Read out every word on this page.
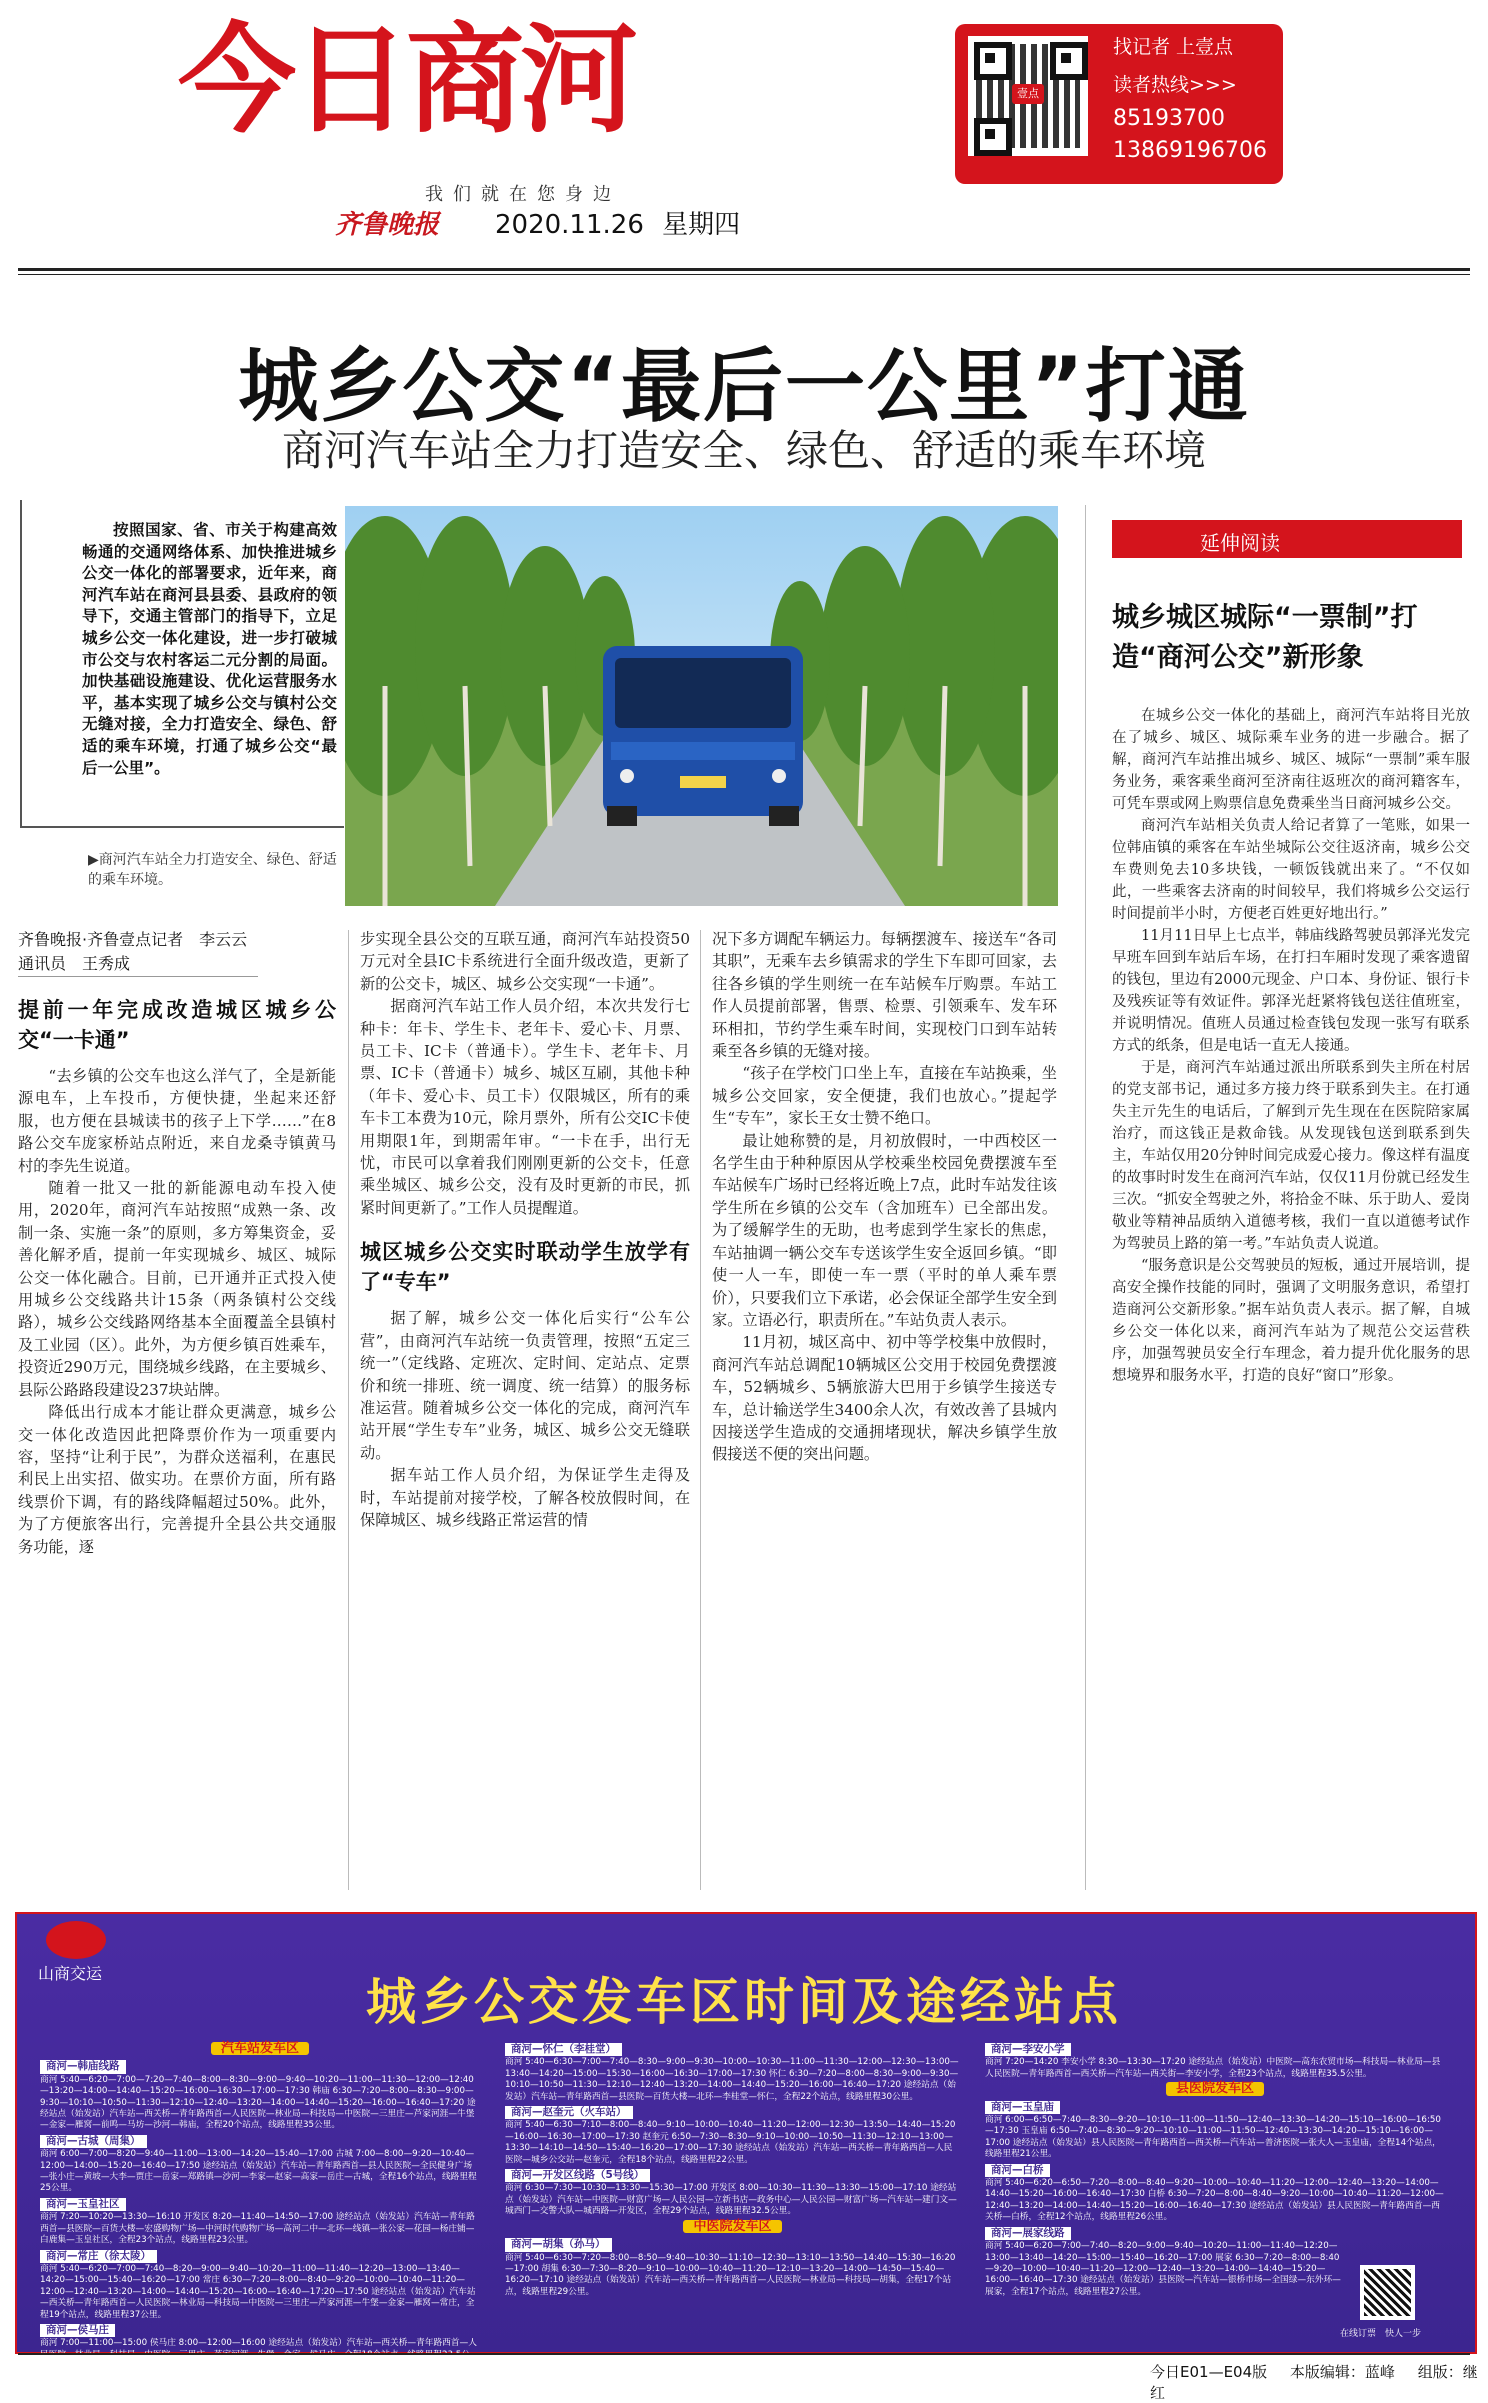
今日商河
我们就在您身边
齐鲁晚报 2020.11.26 星期四
壹点
找记者 上壹点
读者热线>>>
85193700
13869196706
城乡公交“最后一公里”打通
商河汽车站全力打造安全、绿色、舒适的乘车环境
按照国家、省、市关于构建高效畅通的交通网络体系、加快推进城乡公交一体化的部署要求，近年来，商河汽车站在商河县县委、县政府的领导下，交通主管部门的指导下，立足城乡公交一体化建设，进一步打破城市公交与农村客运二元分割的局面。加快基础设施建设、优化运营服务水平，基本实现了城乡公交与镇村公交无缝对接，全力打造安全、绿色、舒适的乘车环境，打通了城乡公交“最后一公里”。
▶商河汽车站全力打造安全、绿色、舒适的乘车环境。
齐鲁晚报·齐鲁壹点记者　李云云
通讯员　王秀成
提前一年完成改造城区城乡公交“一卡通”

“去乡镇的公交车也这么洋气了，全是新能源电车，上车投币，方便快捷，坐起来还舒服，也方便在县城读书的孩子上下学……”在8路公交车庞家桥站点附近，来自龙桑寺镇黄马村的李先生说道。

随着一批又一批的新能源电动车投入使用，2020年，商河汽车站按照“成熟一条、改制一条、实施一条”的原则，多方筹集资金，妥善化解矛盾，提前一年实现城乡、城区、城际公交一体化融合。目前，已开通并正式投入使用城乡公交线路共计15条（两条镇村公交线路），城乡公交线路网络基本全面覆盖全县镇村及工业园（区）。此外，为方便乡镇百姓乘车，投资近290万元，围绕城乡线路，在主要城乡、县际公路路段建设237块站牌。

降低出行成本才能让群众更满意，城乡公交一体化改造因此把降票价作为一项重要内容，坚持“让利于民”，为群众送福利，在惠民利民上出实招、做实功。在票价方面，所有路线票价下调，有的路线降幅超过50%。此外，为了方便旅客出行，完善提升全县公共交通服务功能，逐

步实现全县公交的互联互通，商河汽车站投资50万元对全县IC卡系统进行全面升级改造，更新了新的公交卡，城区、城乡公交实现“一卡通”。

据商河汽车站工作人员介绍，本次共发行七种卡：年卡、学生卡、老年卡、爱心卡、月票、员工卡、IC卡（普通卡）。学生卡、老年卡、月票、IC卡（普通卡）城乡、城区互刷，其他卡种（年卡、爱心卡、员工卡）仅限城区，所有的乘车卡工本费为10元，除月票外，所有公交IC卡使用期限1年，到期需年审。“一卡在手，出行无忧，市民可以拿着我们刚刚更新的公交卡，任意乘坐城区、城乡公交，没有及时更新的市民，抓紧时间更新了。”工作人员提醒道。

城区城乡公交实时联动学生放学有了“专车”

据了解，城乡公交一体化后实行“公车公营”，由商河汽车站统一负责管理，按照“五定三统一”（定线路、定班次、定时间、定站点、定票价和统一排班、统一调度、统一结算）的服务标准运营。随着城乡公交一体化的完成，商河汽车站开展“学生专车”业务，城区、城乡公交无缝联动。

据车站工作人员介绍，为保证学生走得及时，车站提前对接学校，了解各校放假时间，在保障城区、城乡线路正常运营的情

况下多方调配车辆运力。每辆摆渡车、接送车“各司其职”，无乘车去乡镇需求的学生下车即可回家，去往各乡镇的学生则统一在车站候车厅购票。车站工作人员提前部署，售票、检票、引领乘车、发车环环相扣，节约学生乘车时间，实现校门口到车站转乘至各乡镇的无缝对接。

“孩子在学校门口坐上车，直接在车站换乘，坐城乡公交回家，安全便捷，我们也放心。”提起学生“专车”，家长王女士赞不绝口。

最让她称赞的是，月初放假时，一中西校区一名学生由于种种原因从学校乘坐校园免费摆渡车至车站候车广场时已经将近晚上7点，此时车站发往该学生所在乡镇的公交车（含加班车）已全部出发。为了缓解学生的无助，也考虑到学生家长的焦虑，车站抽调一辆公交车专送该学生安全返回乡镇。“即使一人一车，即使一车一票（平时的单人乘车票价），只要我们立下承诺，必会保证全部学生安全到家。立语必行，职责所在。”车站负责人表示。

11月初，城区高中、初中等学校集中放假时，商河汽车站总调配10辆城区公交用于校园免费摆渡车，52辆城乡、5辆旅游大巴用于乡镇学生接送专车，总计输送学生3400余人次，有效改善了县城内因接送学生造成的交通拥堵现状，解决乡镇学生放假接送不便的突出问题。

延伸阅读
城乡城区城际“一票制”打造“商河公交”新形象

在城乡公交一体化的基础上，商河汽车站将目光放在了城乡、城区、城际乘车业务的进一步融合。据了解，商河汽车站推出城乡、城区、城际“一票制”乘车服务业务，乘客乘坐商河至济南往返班次的商河籍客车，可凭车票或网上购票信息免费乘坐当日商河城乡公交。

商河汽车站相关负责人给记者算了一笔账，如果一位韩庙镇的乘客在车站坐城际公交往返济南，城乡公交车费则免去10多块钱，一顿饭钱就出来了。“不仅如此，一些乘客去济南的时间较早，我们将城乡公交运行时间提前半小时，方便老百姓更好地出行。”

11月11日早上七点半，韩庙线路驾驶员郭泽光发完早班车回到车站后车场，在打扫车厢时发现了乘客遗留的钱包，里边有2000元现金、户口本、身份证、银行卡及残疾证等有效证件。郭泽光赶紧将钱包送往值班室，并说明情况。值班人员通过检查钱包发现一张写有联系方式的纸条，但是电话一直无人接通。

于是，商河汽车站通过派出所联系到失主所在村居的党支部书记，通过多方接力终于联系到失主。在打通失主亓先生的电话后，了解到亓先生现在在医院陪家属治疗，而这钱正是救命钱。从发现钱包送到联系到失主，车站仅用20分钟时间完成爱心接力。像这样有温度的故事时时发生在商河汽车站，仅仅11月份就已经发生三次。“抓安全驾驶之外，将拾金不昧、乐于助人、爱岗敬业等精神品质纳入道德考核，我们一直以道德考试作为驾驶员上路的第一考。”车站负责人说道。

“服务意识是公交驾驶员的短板，通过开展培训，提高安全操作技能的同时，强调了文明服务意识，希望打造商河公交新形象。”据车站负责人表示。据了解，自城乡公交一体化以来，商河汽车站为了规范公交运营秩序，加强驾驶员安全行车理念，着力提升优化服务的思想境界和服务水平，打造的良好“窗口”形象。

山商交运	城乡公交发车区时间及途经站点
汽车站发车区
商河—韩庙线路
商河 5:40—6:20—7:00—7:20—7:40—8:00—8:30—9:00—9:40—10:20—11:00—11:30—12:00—12:40—13:20—14:00—14:40—15:20—16:00—16:30—17:00—17:30 韩庙 6:30—7:20—8:00—8:30—9:00—9:30—10:10—10:50—11:30—12:10—12:40—13:20—14:00—14:40—15:20—16:00—16:40—17:20 途经站点（始发站）汽车站—西关桥—青年路西首—人民医院—林业局—科技局—中医院—三里庄—芦家河涯—牛堡—金家—雁窝—前鸣—马坊—沙河—韩庙，全程20个站点，线路里程35公里。
商河—古城（周集）
商河 6:00—7:00—8:20—9:40—11:00—13:00—14:20—15:40—17:00 古城 7:00—8:00—9:20—10:40—12:00—14:00—15:20—16:40—17:50 途经站点（始发站）汽车站—青年路西首—县人民医院—全民健身广场—张小庄—黄坡—大李—贾庄—岳家—郑路镇—沙河—李家—赵家—高家—岳庄—古城，全程16个站点，线路里程25公里。
商河—玉皇社区
商河 7:20—10:20—13:30—16:10 开发区 8:20—11:40—14:50—17:00 途经站点（始发站）汽车站—青年路西首—县医院—百货大楼—宏盛购物广场—中河时代购物广场—高河二中—北环—线镇—张公家—花园—杨庄铺—白鹿集—玉皇社区，全程23个站点，线路里程23公里。
商河—常庄（徐太陵）
商河 5:40—6:20—7:00—7:40—8:20—9:00—9:40—10:20—11:00—11:40—12:20—13:00—13:40—14:20—15:00—15:40—16:20—17:00 常庄 6:30—7:20—8:00—8:40—9:20—10:00—10:40—11:20—12:00—12:40—13:20—14:00—14:40—15:20—16:00—16:40—17:20—17:50 途经站点（始发站）汽车站—西关桥—青年路西首—人民医院—林业局—科技局—中医院—三里庄—芦家河涯—牛堡—金家—雁窝—常庄，全程19个站点，线路里程37公里。
商河—侯马庄
商河 7:00—11:00—15:00 侯马庄 8:00—12:00—16:00 途经站点（始发站）汽车站—西关桥—青年路西首—人 里。
商河—怀仁（李桂堂）
商河 5:40—6:30—7:00—7:40—8:30—9:00—9:30—10:00—10:30—11:00—11:30—12:00—12:30—13:00—13:40—14:20—15:00—15:30—16:00—16:30—17:00—17:30 怀仁 6:30—7:20—8:00—8:30—9:00—9:30—10:10—10:50—11:30—12:10—12:40—13:20—14:00—14:40—15:20—16:00—16:40—17:20 途经站点（始发站）汽车站—青年路西首—县医院—百货大楼—北环—李桂堂—怀仁，全程22个站点，线路里程30公里。
商河—赵奎元（火车站）
商河 5:40—6:30—7:10—8:00—8:40—9:10—10:00—10:40—11:20—12:00—12:30—13:50—14:40—15:20—16:00—16:30—17:00—17:30 赵奎元 6:50—7:30—8:30—9:10—10:00—10:50—11:30—12:10—13:00—13:30—14:10—14:50—15:40—16:20—17:00—17:30 途经站点（始发站）汽车站—西关桥—青年路西首—人民医院—城乡公交站—赵奎元，全程18个站点，线路里程22公里。
商河—开发区线路（5号线）
商河 6:30—7:30—10:30—13:30—15:30—17:00 开发区 8:00—10:30—11:30—13:30—15:00—17:10 途经站点（始发站）汽车站—中医院—财富广场—人民公园—立新书店—政务中心—人民公园—财富广场—汽车站—建门文—城西门—交警大队—城西路—开发区，全程29个站点，线路里程32.5公里。
中医院发车区
商河—胡集（孙马）
商河 5:40—6:30—7:20—8:00—8:50—9:40—10:30—11:10—12:30—13:10—13:50—14:40—15:30—16:20—17:00 胡集 6:30—7:30—8:20—9:10—10:00—10:40—11:20—12:10—13:20—14:00—14:50—15:40—16:20—17:10 途经站点（始发站）汽车站—西关桥—青年路西首—人民医院—林业局—科技局—胡集，全程17个站点，线路里程29公里。
商河—李安小学
商河 7:20—14:20 李安小学 8:30—13:30—17:20 途经站点（始发站）中医院—高东农贸市场—科技局—林业局—县人民医院—青年路西首—西关桥—汽车站—西关街—李安小学，全程23个站点，线路里程35.5公里。
县医院发车区
商河—玉皇庙
商河 6:00—6:50—7:40—8:30—9:20—10:10—11:00—11:50—12:40—13:30—14:20—15:10—16:00—16:50—17:30 玉皇庙 6:50—7:40—8:30—9:20—10:10—11:00—11:50—12:40—13:30—14:20—15:10—16:00—17:00 途经站点（始发站）县人民医院—青年路西首—西关桥—汽车站—普济医院—张大人—玉皇庙，全程14个站点，线路里程21公里。
商河—白桥
商河 5:40—6:20—6:50—7:20—8:00—8:40—9:20—10:00—10:40—11:20—12:00—12:40—13:20—14:00—14:40—15:20—16:00—16:40—17:30 白桥 6:30—7:20—8:00—8:40—9:20—10:00—10:40—11:20—12:00—12:40—13:20—14:00—14:40—15:20—16:00—16:40—17:30 途经站点（始发站）县人民医院—青年路西首—西关桥—白桥，全程12个站点，线路里程26公里。
商河—展家线路
商河 5:40—6:20—7:00—7:40—8:20—9:00—9:40—10:20—11:00—11:40—12:20—13:00—13:40—14:20—15:00—15:40—16:20—17:00 展家 6:30—7:20—8:00—8:40—9:20—10:00—10:40—11:20—12:00—12:40—13:20—14:00—14:40—15:20—16:00—16:40—17:30 途经站点（始发站）县医院—汽车站—银桥市场—全国绿—东外环—展家，全程17个站点，线路里程27公里。
在线订票　快人一步
今日E01—E04版 本版编辑：蓝峰 组版：继红
